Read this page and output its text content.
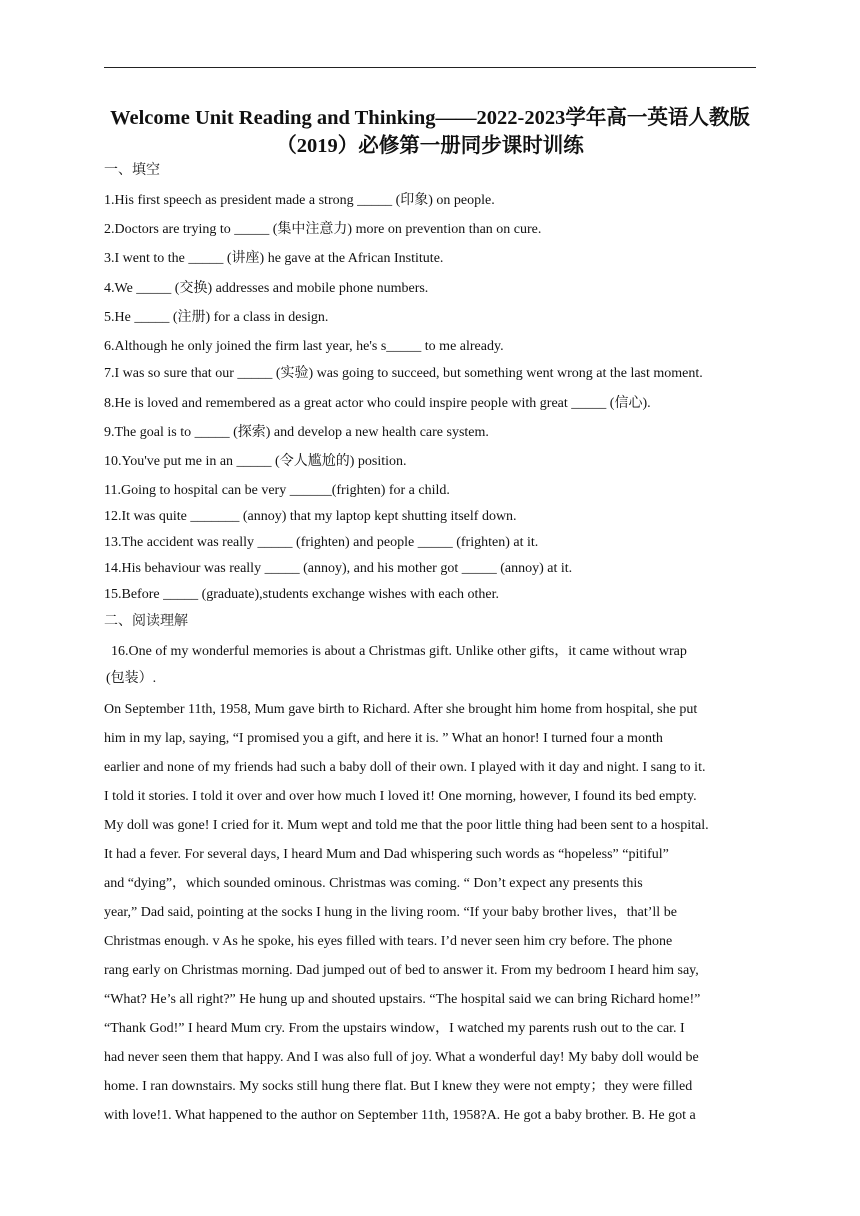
Welcome Unit Reading and Thinking——2022-2023学年高一英语人教版（2019）必修第一册同步课时训练
一、填空
1.His first speech as president made a strong _____ (印象) on people.
2.Doctors are trying to _____ (集中注意力) more on prevention than on cure.
3.I went to the _____ (讲座) he gave at the African Institute.
4.We _____ (交换) addresses and mobile phone numbers.
5.He _____ (注册) for a class in design.
6.Although he only joined the firm last year, he's s_____ to me already.
7.I was so sure that our _____ (实验) was going to succeed, but something went wrong at the last moment.
8.He is loved and remembered as a great actor who could inspire people with great _____ (信心).
9.The goal is to _____ (探索) and develop a new health care system.
10.You've put me in an _____ (令人尴尬的) position.
11.Going to hospital can be very ______(frighten) for a child.
12.It was quite _______ (annoy) that my laptop kept shutting itself down.
13.The accident was really _____ (frighten) and people _____ (frighten) at it.
14.His behaviour was really _____ (annoy), and his mother got _____ (annoy) at it.
15.Before _____ (graduate),students exchange wishes with each other.
二、阅读理解
16.One of my wonderful memories is about a Christmas gift. Unlike other gifts，it came without wrap
(包装）.
On September 11th, 1958, Mum gave birth to Richard. After she brought him home from hospital, she put
him in my lap, saying, “I promised you a gift, and here it is. ” What an honor! I turned four a month
earlier and none of my friends had such a baby doll of their own. I played with it day and night. I sang to it.
I told it stories. I told it over and over how much I loved it! One morning, however, I found its bed empty.
My doll was gone! I cried for it. Mum wept and told me that the poor little thing had been sent to a hospital.
It had a fever. For several days, I heard Mum and Dad whispering such words as “hopeless” “pitiful”
and “dying”，which sounded ominous. Christmas was coming. “ Don’t expect any presents this
year,” Dad said, pointing at the socks I hung in the living room. “If your baby brother lives，that’ll be
Christmas enough. v As he spoke, his eyes filled with tears. I’d never seen him cry before. The phone
rang early on Christmas morning. Dad jumped out of bed to answer it. From my bedroom I heard him say,
“What? He’s all right?” He hung up and shouted upstairs. “The hospital said we can bring Richard home!”
“Thank God!” I heard Mum cry. From the upstairs window，I watched my parents rush out to the car. I
had never seen them that happy. And I was also full of joy. What a wonderful day! My baby doll would be
home. I ran downstairs. My socks still hung there flat. But I knew they were not empty；they were filled
with love!1. What happened to the author on September 11th, 1958?A. He got a baby brother. B. He got a
